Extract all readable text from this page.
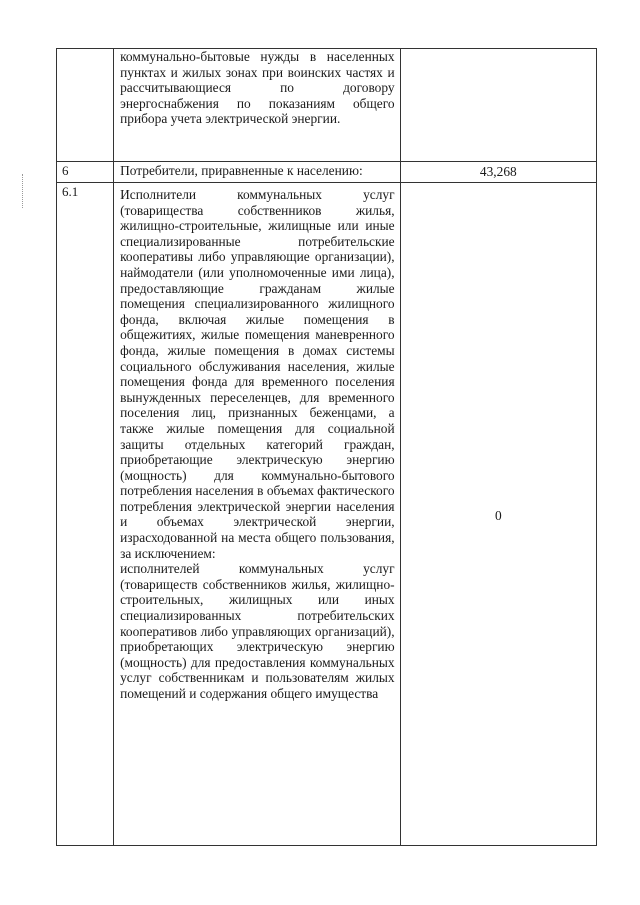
	коммунально-бытовые нужды в населенных пунктах и жилых зонах при воинских частях и рассчитывающиеся по договору энергоснабжения по показаниям общего прибора учета электрической энергии.	
6	Потребители, приравненные к населению:	43,268
6.1	Исполнители коммунальных услуг (товарищества собственников жилья, жилищно-строительные, жилищные или иные специализированные потребительские кооперативы либо управляющие организации), наймодатели (или уполномоченные ими лица), предоставляющие гражданам жилые помещения специализированного жилищного фонда, включая жилые помещения в общежитиях, жилые помещения маневренного фонда, жилые помещения в домах системы социального обслуживания населения, жилые помещения фонда для временного поселения вынужденных переселенцев, для временного поселения лиц, признанных беженцами, а также жилые помещения для социальной защиты отдельных категорий граждан, приобретающие электрическую энергию (мощность) для коммунально-бытового потребления населения в объемах фактического потребления электрической энергии населения и объемах электрической энергии, израсходованной на места общего пользования, за исключением:
исполнителей коммунальных услуг (товариществ собственников жилья, жилищно-строительных, жилищных или иных специализированных потребительских кооперативов либо управляющих организаций), приобретающих электрическую энергию (мощность) для предоставления коммунальных услуг собственникам и пользователям жилых помещений и содержания общего имущества	0
